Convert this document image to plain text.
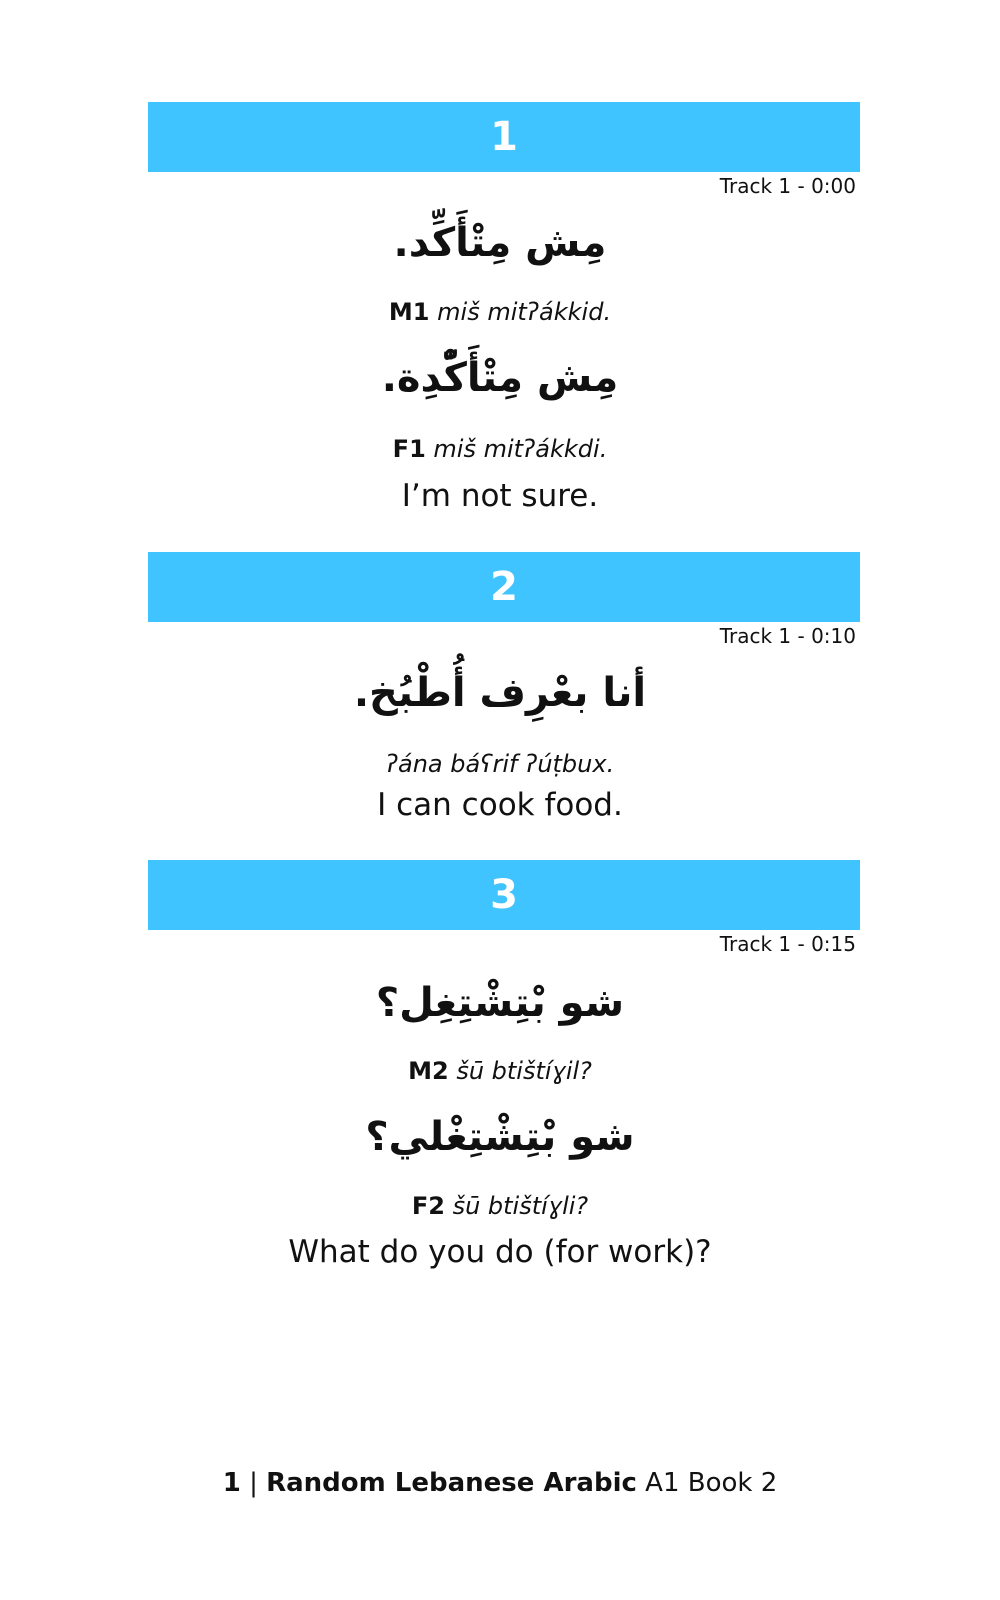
1
Track 1 - 0:00
مِش مِتْأَكِّد.
M1 miš mitʔákkid.
مِش مِتْأَكّْدِة.
F1 miš mitʔákkdi.
I’m not sure.
2
Track 1 - 0:10
أنا بعْرِف أُطْبُخ.
ʔána báʕrif ʔúṭbux.
I can cook food.
3
Track 1 - 0:15
شو بْتِشْتِغِل؟
M2 šū btištíɣil?
شو بْتِشْتِغْلي؟
F2 šū btištíɣli?
What do you do (for work)?
1 | Random Lebanese Arabic A1 Book 2
